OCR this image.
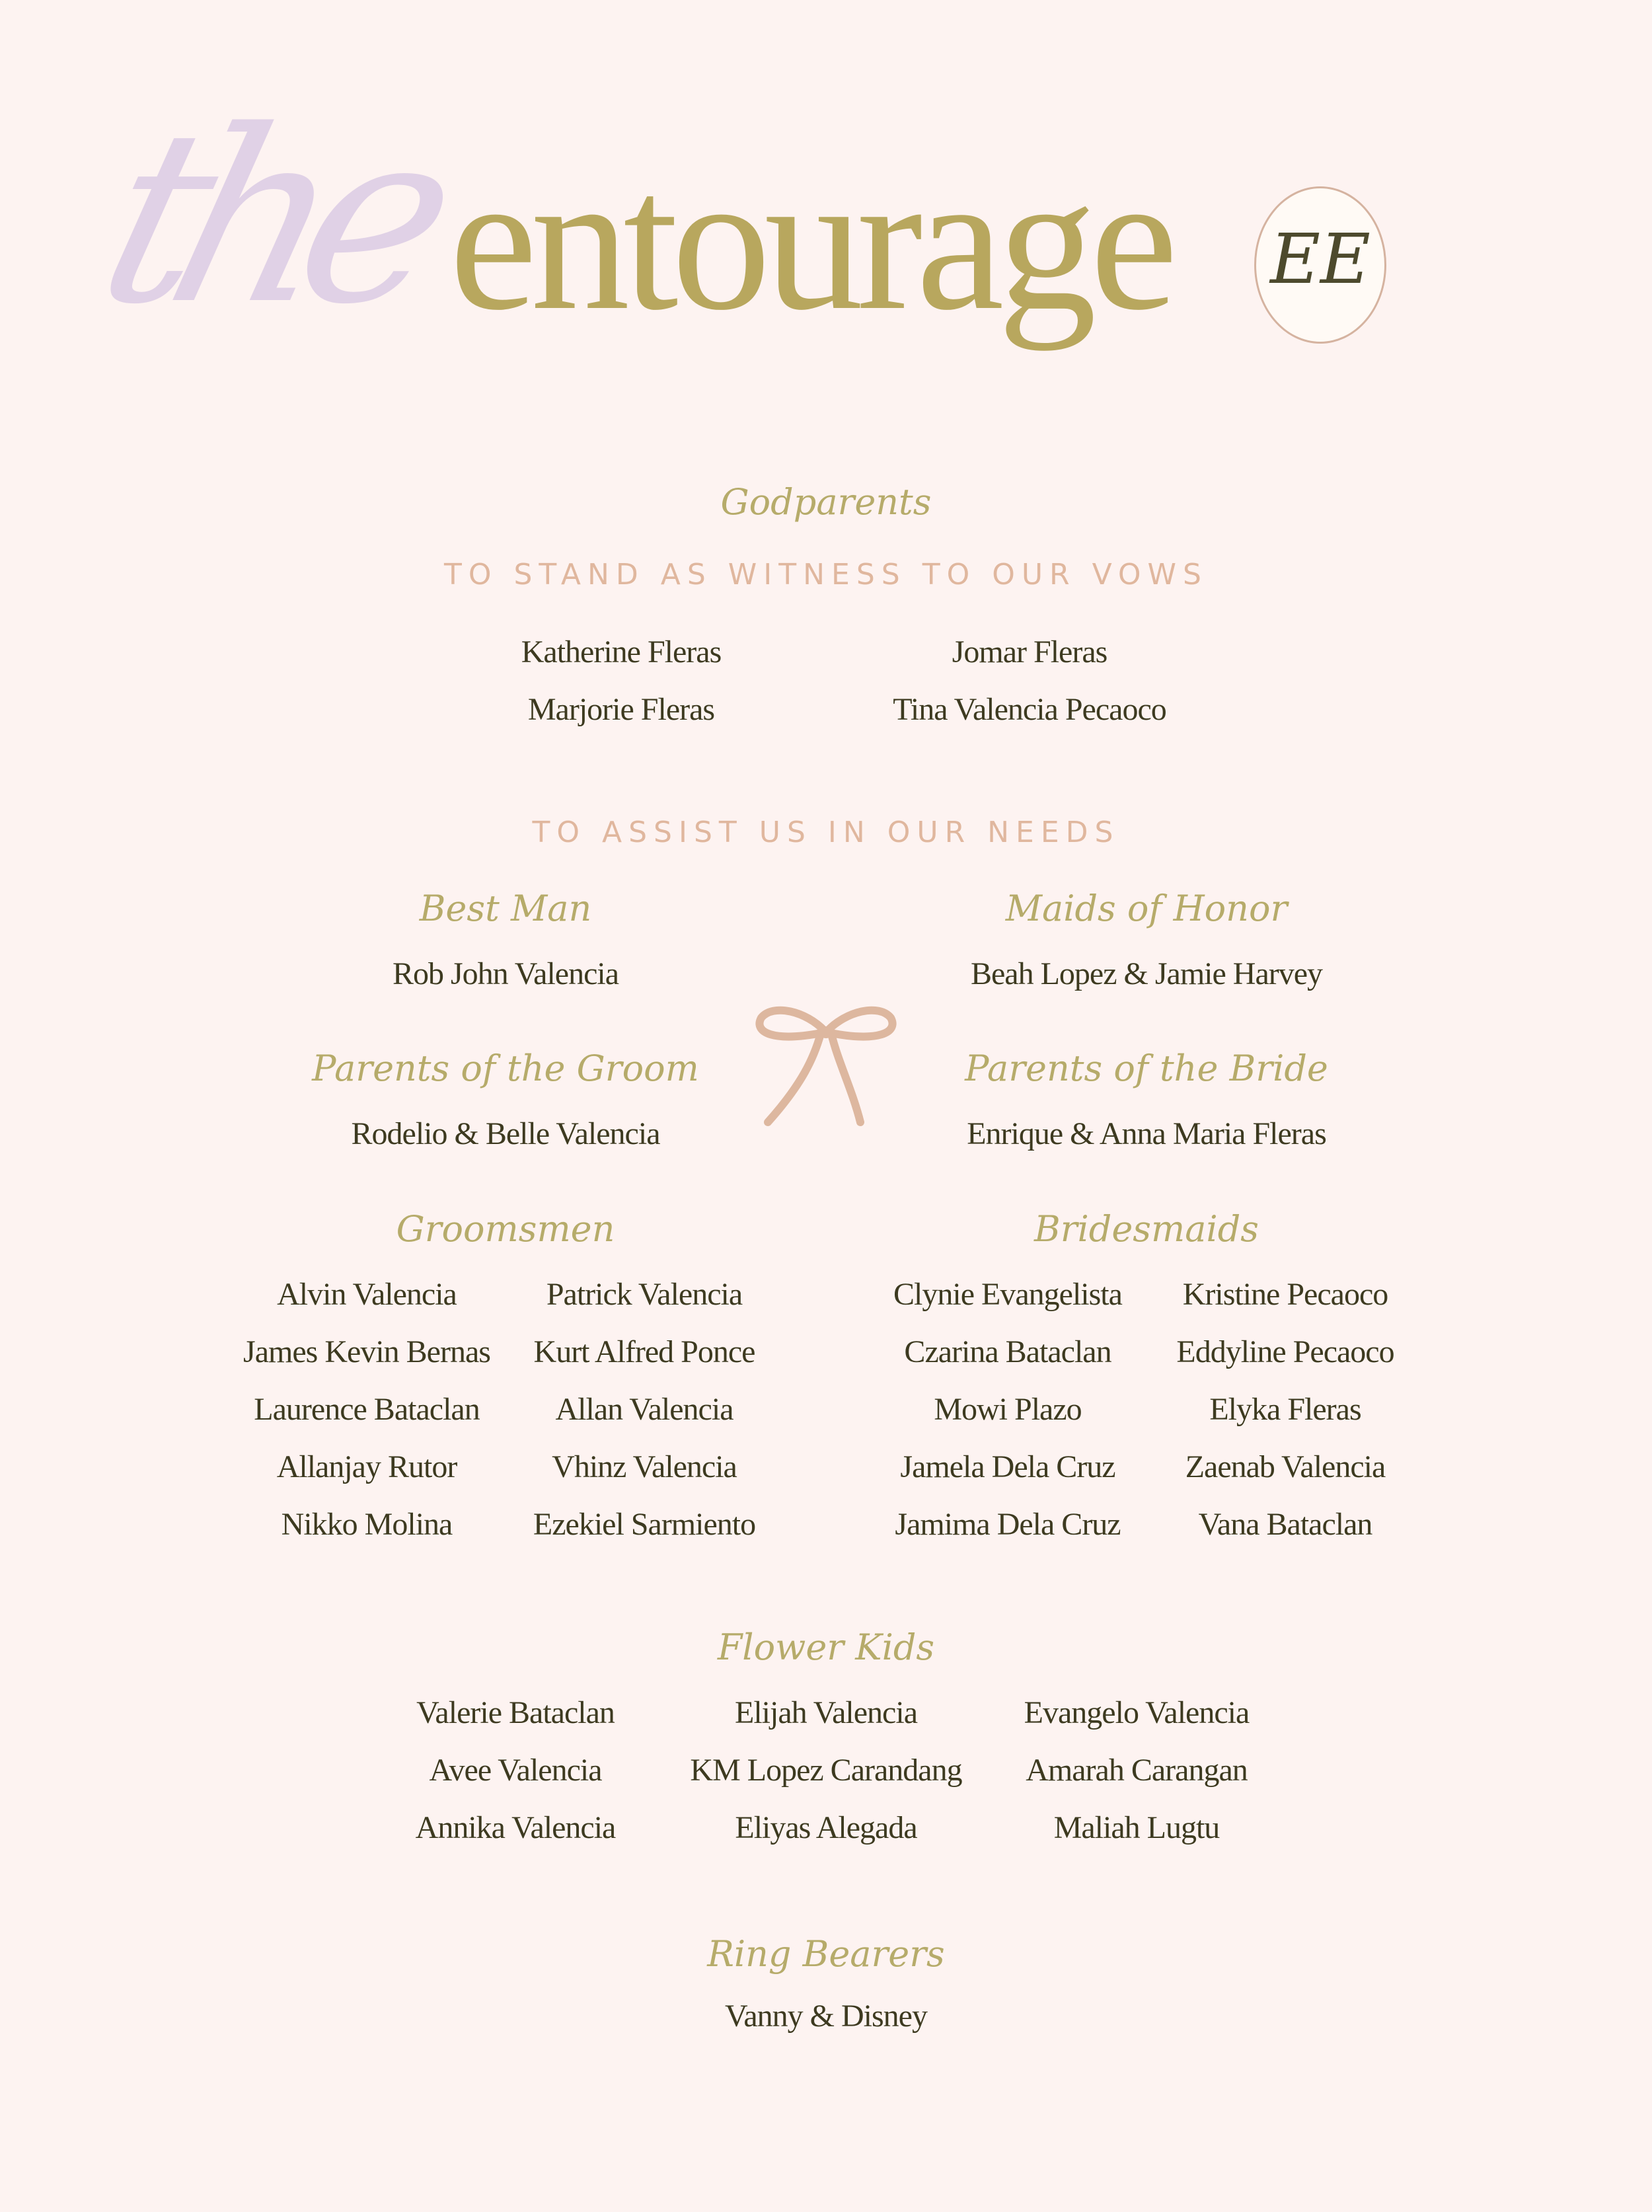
the
entourage	EE
Godparents
TO STAND AS WITNESS TO OUR VOWS
Katherine Fleras
Marjorie Fleras
Jomar Fleras
Tina Valencia Pecaoco
TO ASSIST US IN OUR NEEDS
Best Man
Rob John Valencia
Maids of Honor
Beah Lopez & Jamie Harvey
Parents of the Groom
Rodelio & Belle Valencia
Parents of the Bride
Enrique & Anna Maria Fleras
Groomsmen
Alvin Valencia
James Kevin Bernas
Laurence Bataclan
Allanjay Rutor
Nikko Molina
Patrick Valencia
Kurt Alfred Ponce
Allan Valencia
Vhinz Valencia
Ezekiel Sarmiento
Bridesmaids
Clynie Evangelista
Czarina Bataclan
Mowi Plazo
Jamela Dela Cruz
Jamima Dela Cruz
Kristine Pecaoco
Eddyline Pecaoco
Elyka Fleras
Zaenab Valencia
Vana Bataclan
Flower Kids
Valerie Bataclan
Avee Valencia
Annika Valencia
Elijah Valencia
KM Lopez Carandang
Eliyas Alegada
Evangelo Valencia
Amarah Carangan
Maliah Lugtu
Ring Bearers
Vanny & Disney
